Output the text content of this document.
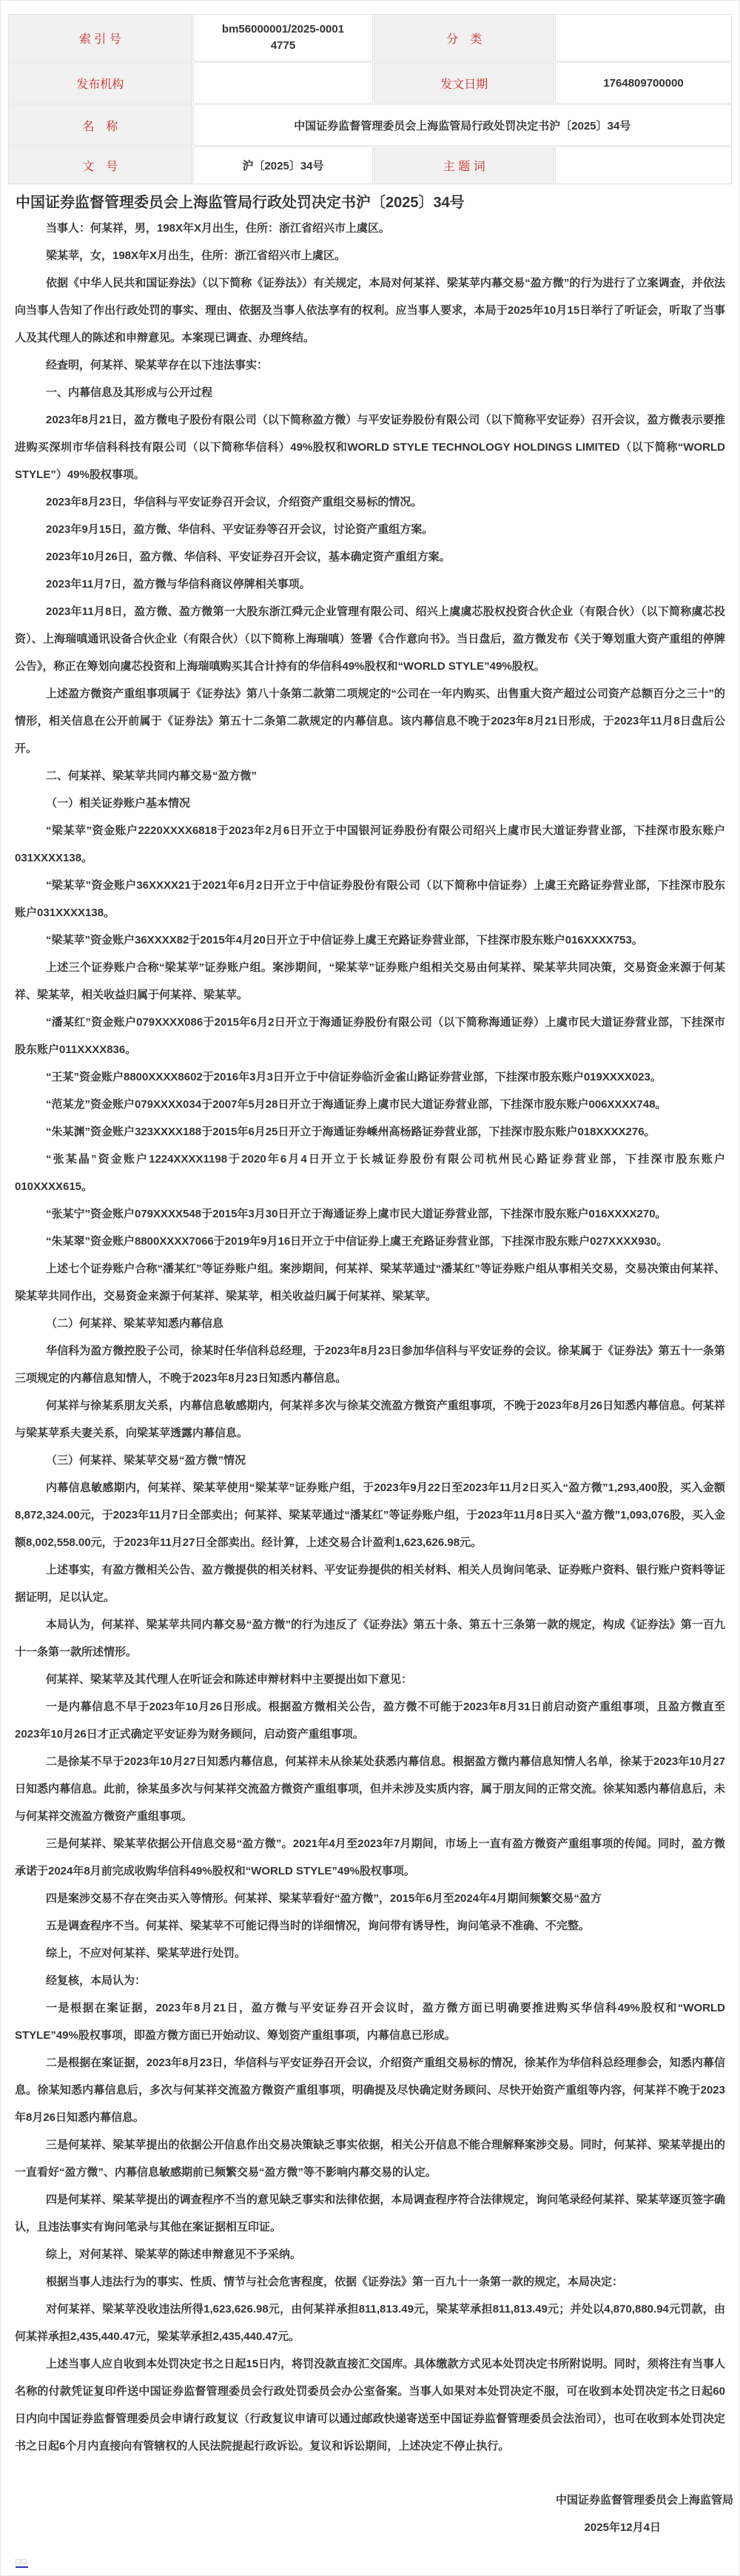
索 引 号	bm56000001/2025-00014775	分　类	
发布机构		发文日期	1764809700000
名　称	中国证券监督管理委员会上海监管局行政处罚决定书沪〔2025〕34号		
文　号	沪〔2025〕34号	主 题 词	
中国证券监督管理委员会上海监管局行政处罚决定书沪〔2025〕34号

当事人：何某祥，男，198X年X月出生，住所：浙江省绍兴市上虞区。

梁某苹，女，198X年X月出生，住所：浙江省绍兴市上虞区。

依据《中华人民共和国证券法》（以下简称《证券法》）有关规定，本局对何某祥、梁某苹内幕交易“盈方微”的行为进行了立案调查，并依法向当事人告知了作出行政处罚的事实、理由、依据及当事人依法享有的权利。应当事人要求，本局于2025年10月15日举行了听证会，听取了当事人及其代理人的陈述和申辩意见。本案现已调查、办理终结。

经查明，何某祥、梁某苹存在以下违法事实：

一、内幕信息及其形成与公开过程

2023年8月21日，盈方微电子股份有限公司（以下简称盈方微）与平安证券股份有限公司（以下简称平安证券）召开会议，盈方微表示要推进购买深圳市华信科科技有限公司（以下简称华信科）49%股权和WORLD STYLE TECHNOLOGY HOLDINGS LIMITED（以下简称“WORLD STYLE”）49%股权事项。

2023年8月23日，华信科与平安证券召开会议，介绍资产重组交易标的情况。

2023年9月15日，盈方微、华信科、平安证券等召开会议，讨论资产重组方案。

2023年10月26日，盈方微、华信科、平安证券召开会议，基本确定资产重组方案。

2023年11月7日，盈方微与华信科商议停牌相关事项。

2023年11月8日，盈方微、盈方微第一大股东浙江舜元企业管理有限公司、绍兴上虞虞芯股权投资合伙企业（有限合伙）（以下简称虞芯投资）、上海瑞嗔通讯设备合伙企业（有限合伙）（以下简称上海瑞嗔）签署《合作意向书》。当日盘后，盈方微发布《关于筹划重大资产重组的停牌公告》，称正在筹划向虞芯投资和上海瑞嗔购买其合计持有的华信科49%股权和“WORLD STYLE”49%股权。

上述盈方微资产重组事项属于《证券法》第八十条第二款第二项规定的“公司在一年内购买、出售重大资产超过公司资产总额百分之三十”的情形，相关信息在公开前属于《证券法》第五十二条第二款规定的内幕信息。该内幕信息不晚于2023年8月21日形成，于2023年11月8日盘后公开。

二、何某祥、梁某苹共同内幕交易“盈方微”

（一）相关证券账户基本情况

“梁某苹”资金账户2220XXXX6818于2023年2月6日开立于中国银河证券股份有限公司绍兴上虞市民大道证券营业部，下挂深市股东账户031XXXX138。

“梁某苹”资金账户36XXXX21于2021年6月2日开立于中信证券股份有限公司（以下简称中信证券）上虞王充路证券营业部，下挂深市股东账户031XXXX138。

“梁某苹”资金账户36XXXX82于2015年4月20日开立于中信证券上虞王充路证券营业部，下挂深市股东账户016XXXX753。

上述三个证券账户合称“梁某苹”证券账户组。案涉期间，“梁某苹”证券账户组相关交易由何某祥、梁某苹共同决策，交易资金来源于何某祥、梁某苹，相关收益归属于何某祥、梁某苹。

“潘某红”资金账户079XXXX086于2015年6月2日开立于海通证券股份有限公司（以下简称海通证券）上虞市民大道证券营业部，下挂深市股东账户011XXXX836。

“王某”资金账户8800XXXX8602于2016年3月3日开立于中信证券临沂金雀山路证券营业部，下挂深市股东账户019XXXX023。

“范某龙”资金账户079XXXX034于2007年5月28日开立于海通证券上虞市民大道证券营业部，下挂深市股东账户006XXXX748。

“朱某渊”资金账户323XXXX188于2015年6月25日开立于海通证券嵊州高杨路证券营业部，下挂深市股东账户018XXXX276。

“张某晶”资金账户1224XXXX1198于2020年6月4日开立于长城证券股份有限公司杭州民心路证券营业部，下挂深市股东账户010XXXX615。

“张某宁”资金账户079XXXX548于2015年3月30日开立于海通证券上虞市民大道证券营业部，下挂深市股东账户016XXXX270。

“朱某翠”资金账户8800XXXX7066于2019年9月16日开立于中信证券上虞王充路证券营业部，下挂深市股东账户027XXXX930。

上述七个证券账户合称“潘某红”等证券账户组。案涉期间，何某祥、梁某苹通过“潘某红”等证券账户组从事相关交易，交易决策由何某祥、梁某苹共同作出，交易资金来源于何某祥、梁某苹，相关收益归属于何某祥、梁某苹。

（二）何某祥、梁某苹知悉内幕信息

华信科为盈方微控股子公司，徐某时任华信科总经理，于2023年8月23日参加华信科与平安证券的会议。徐某属于《证券法》第五十一条第三项规定的内幕信息知情人，不晚于2023年8月23日知悉内幕信息。

何某祥与徐某系朋友关系，内幕信息敏感期内，何某祥多次与徐某交流盈方微资产重组事项，不晚于2023年8月26日知悉内幕信息。何某祥与梁某苹系夫妻关系，向梁某苹透露内幕信息。

（三）何某祥、梁某苹交易“盈方微”情况

内幕信息敏感期内，何某祥、梁某苹使用“梁某苹”证券账户组，于2023年9月22日至2023年11月2日买入“盈方微”1,293,400股，买入金额8,872,324.00元，于2023年11月7日全部卖出；何某祥、梁某苹通过“潘某红”等证券账户组，于2023年11月8日买入“盈方微”1,093,076股，买入金额8,002,558.00元，于2023年11月27日全部卖出。经计算，上述交易合计盈利1,623,626.98元。

上述事实，有盈方微相关公告、盈方微提供的相关材料、平安证券提供的相关材料、相关人员询问笔录、证券账户资料、银行账户资料等证据证明，足以认定。

本局认为，何某祥、梁某苹共同内幕交易“盈方微”的行为违反了《证券法》第五十条、第五十三条第一款的规定，构成《证券法》第一百九十一条第一款所述情形。

何某祥、梁某苹及其代理人在听证会和陈述申辩材料中主要提出如下意见：

一是内幕信息不早于2023年10月26日形成。根据盈方微相关公告，盈方微不可能于2023年8月31日前启动资产重组事项，且盈方微直至2023年10月26日才正式确定平安证券为财务顾问，启动资产重组事项。

二是徐某不早于2023年10月27日知悉内幕信息，何某祥未从徐某处获悉内幕信息。根据盈方微内幕信息知情人名单，徐某于2023年10月27日知悉内幕信息。此前，徐某虽多次与何某祥交流盈方微资产重组事项，但并未涉及实质内容，属于朋友间的正常交流。徐某知悉内幕信息后，未与何某祥交流盈方微资产重组事项。

三是何某祥、梁某苹依据公开信息交易“盈方微”。2021年4月至2023年7月期间，市场上一直有盈方微资产重组事项的传闻。同时，盈方微承诺于2024年8月前完成收购华信科49%股权和“WORLD STYLE”49%股权事项。

四是案涉交易不存在突击买入等情形。何某祥、梁某苹看好“盈方微”，2015年6月至2024年4月期间频繁交易“盈方

五是调查程序不当。何某祥、梁某苹不可能记得当时的详细情况，询问带有诱导性，询问笔录不准确、不完整。

综上，不应对何某祥、梁某苹进行处罚。

经复核，本局认为：

一是根据在案证据，2023年8月21日，盈方微与平安证券召开会议时，盈方微方面已明确要推进购买华信科49%股权和“WORLD STYLE”49%股权事项，即盈方微方面已开始动议、筹划资产重组事项，内幕信息已形成。

二是根据在案证据，2023年8月23日，华信科与平安证券召开会议，介绍资产重组交易标的情况，徐某作为华信科总经理参会，知悉内幕信息。徐某知悉内幕信息后，多次与何某祥交流盈方微资产重组事项，明确提及尽快确定财务顾问、尽快开始资产重组等内容，何某祥不晚于2023年8月26日知悉内幕信息。

三是何某祥、梁某苹提出的依据公开信息作出交易决策缺乏事实依据，相关公开信息不能合理解释案涉交易。同时，何某祥、梁某苹提出的一直看好“盈方微”、内幕信息敏感期前已频繁交易“盈方微”等不影响内幕交易的认定。

四是何某祥、梁某苹提出的调查程序不当的意见缺乏事实和法律依据，本局调查程序符合法律规定，询问笔录经何某祥、梁某苹逐页签字确认，且违法事实有询问笔录与其他在案证据相互印证。

综上，对何某祥、梁某苹的陈述申辩意见不予采纳。

根据当事人违法行为的事实、性质、情节与社会危害程度，依据《证券法》第一百九十一条第一款的规定，本局决定：

对何某祥、梁某苹没收违法所得1,623,626.98元，由何某祥承担811,813.49元，梁某苹承担811,813.49元；并处以4,870,880.94元罚款，由何某祥承担2,435,440.47元，梁某苹承担2,435,440.47元。

上述当事人应自收到本处罚决定书之日起15日内，将罚没款直接汇交国库。具体缴款方式见本处罚决定书所附说明。同时，须将注有当事人名称的付款凭证复印件送中国证券监督管理委员会行政处罚委员会办公室备案。当事人如果对本处罚决定不服，可在收到本处罚决定书之日起60日内向中国证券监督管理委员会申请行政复议（行政复议申请可以通过邮政快递寄送至中国证券监督管理委员会法治司），也可在收到本处罚决定书之日起6个月内直接向有管辖权的人民法院提起行政诉讼。复议和诉讼期间，上述决定不停止执行。

中国证券监督管理委员会上海监管局
2025年12月4日
□□
